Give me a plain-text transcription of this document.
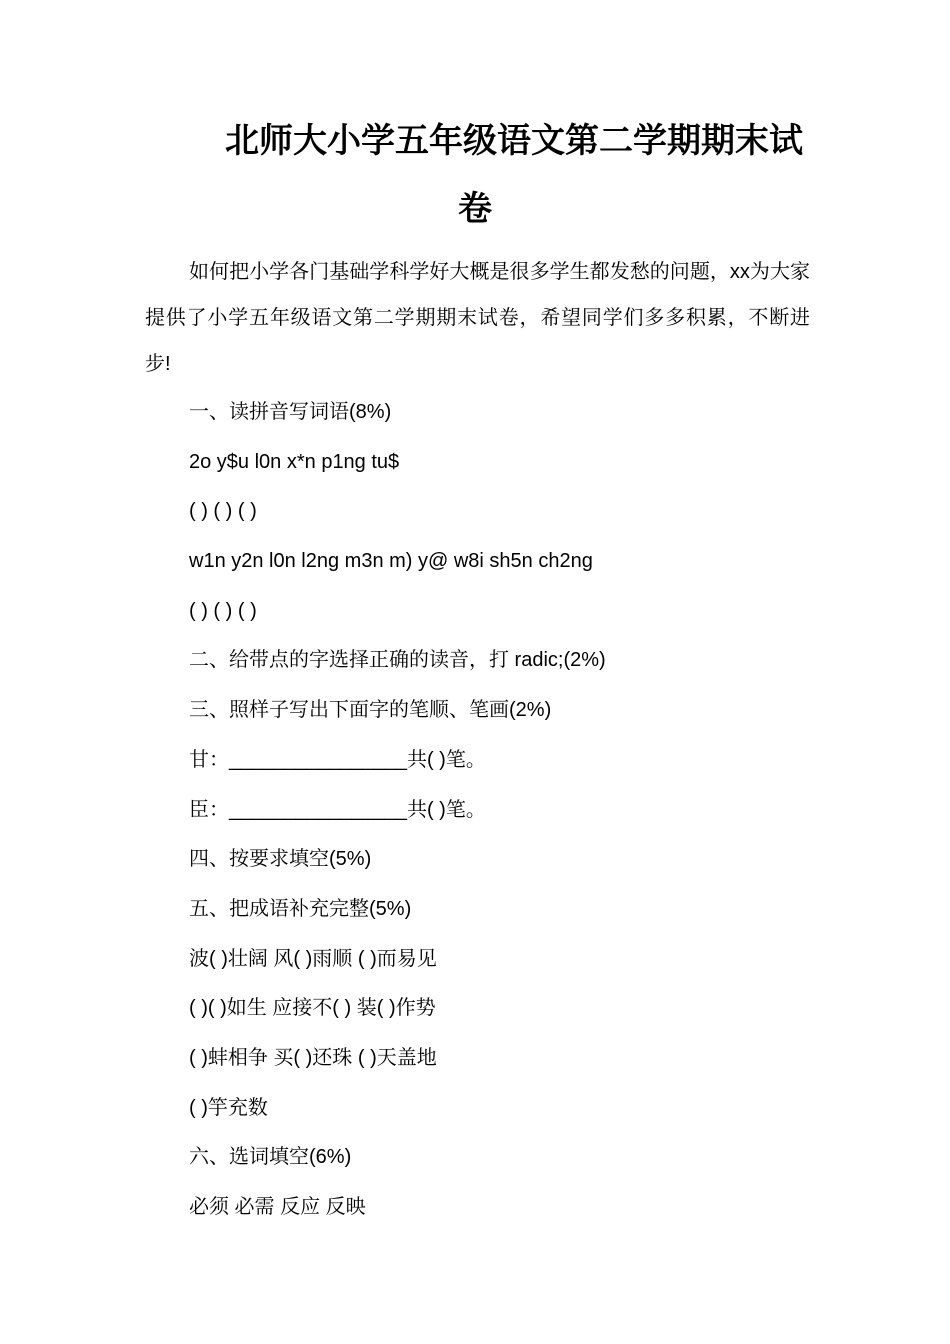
北师大小学五年级语文第二学期期末试
卷

如何把小学各门基础学科学好大概是很多学生都发愁的问题，xx为大家提供了小学五年级语文第二学期期末试卷，希望同学们多多积累，不断进步!

一、读拼音写词语(8%)
2o y$u l0n x*n p1ng tu$
( ) ( ) ( )
w1n y2n l0n l2ng m3n m) y@ w8i sh5n ch2ng
( ) ( ) ( )
二、给带点的字选择正确的读音，打 radic;(2%)
三、照样子写出下面字的笔顺、笔画(2%)
甘：________________共( )笔。
臣：________________共( )笔。
四、按要求填空(5%)
五、把成语补充完整(5%)
波( )壮阔 风( )雨顺 ( )而易见
( )( )如生 应接不( ) 装( )作势
( )蚌相争 买( )还珠 ( )天盖地
( )竽充数
六、选词填空(6%)
必须 必需 反应 反映
